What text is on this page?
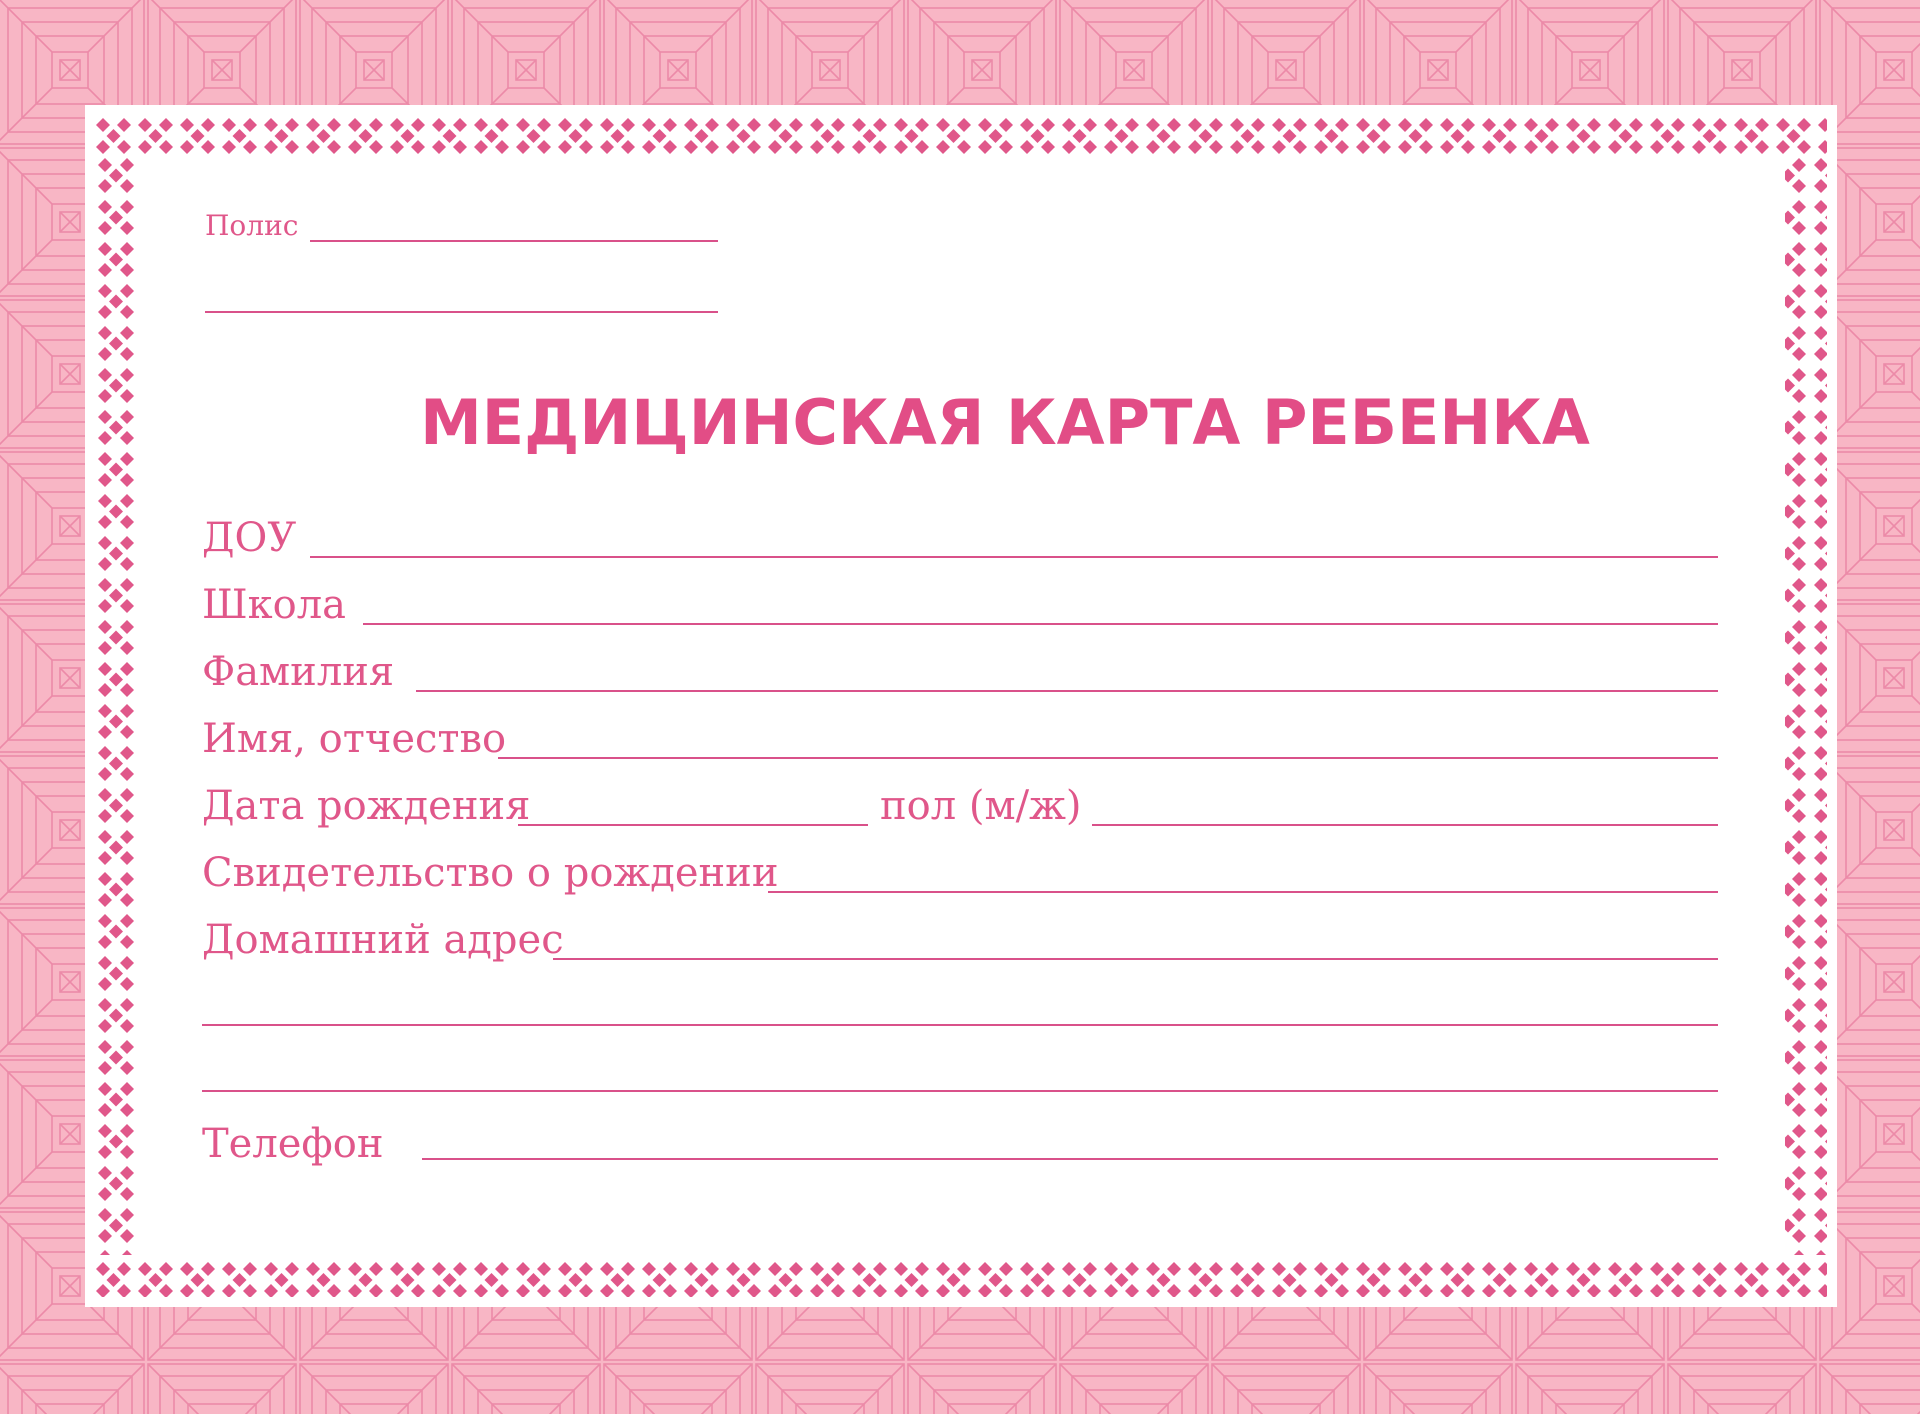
Полис
МЕДИЦИНСКАЯ КАРТА РЕБЕНКА
ДОУ
Школа
Фамилия
Имя, отчество
Дата рождения	пол (м/ж)
Свидетельство о рождении
Домашний адрес
Телефон
